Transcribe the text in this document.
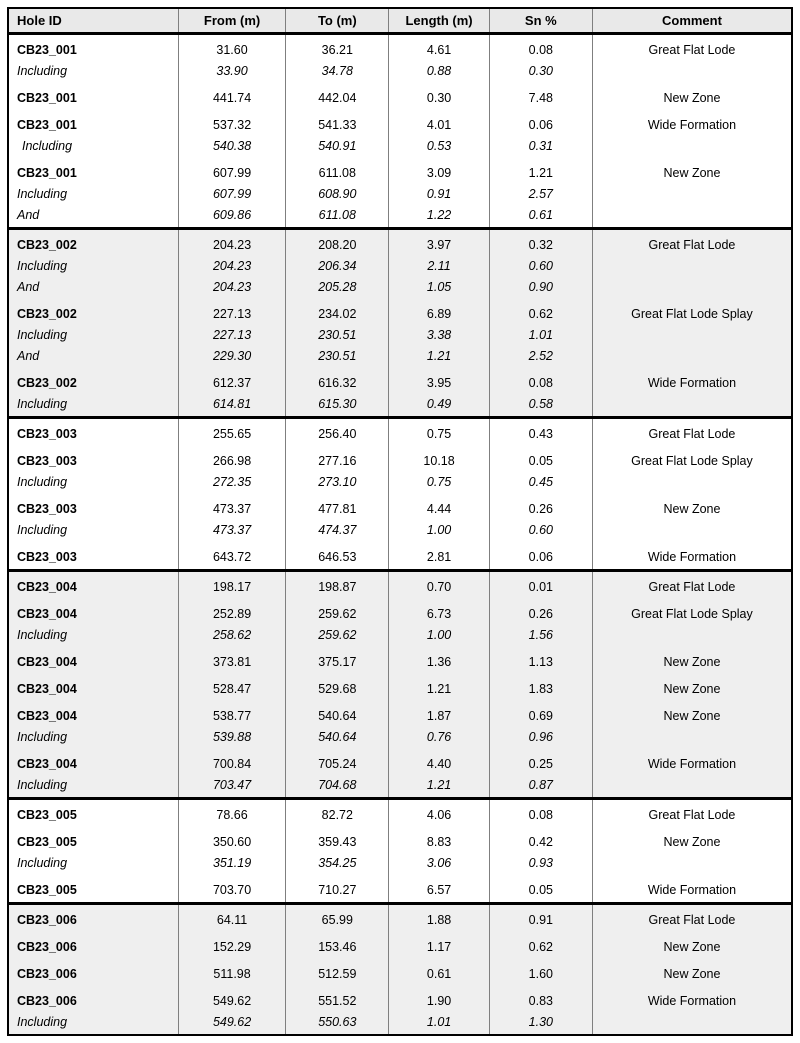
Hole ID	From (m)	To (m)	Length (m)	Sn %	Comment
CB23_001	31.60	36.21	4.61	0.08	Great Flat Lode
Including	33.90	34.78	0.88	0.30	
CB23_001	441.74	442.04	0.30	7.48	New Zone
CB23_001	537.32	541.33	4.01	0.06	Wide Formation
Including	540.38	540.91	0.53	0.31	
CB23_001	607.99	611.08	3.09	1.21	New Zone
Including	607.99	608.90	0.91	2.57	
And	609.86	611.08	1.22	0.61	
CB23_002	204.23	208.20	3.97	0.32	Great Flat Lode
Including	204.23	206.34	2.11	0.60	
And	204.23	205.28	1.05	0.90	
CB23_002	227.13	234.02	6.89	0.62	Great Flat Lode Splay
Including	227.13	230.51	3.38	1.01	
And	229.30	230.51	1.21	2.52	
CB23_002	612.37	616.32	3.95	0.08	Wide Formation
Including	614.81	615.30	0.49	0.58	
CB23_003	255.65	256.40	0.75	0.43	Great Flat Lode
CB23_003	266.98	277.16	10.18	0.05	Great Flat Lode Splay
Including	272.35	273.10	0.75	0.45	
CB23_003	473.37	477.81	4.44	0.26	New Zone
Including	473.37	474.37	1.00	0.60	
CB23_003	643.72	646.53	2.81	0.06	Wide Formation
CB23_004	198.17	198.87	0.70	0.01	Great Flat Lode
CB23_004	252.89	259.62	6.73	0.26	Great Flat Lode Splay
Including	258.62	259.62	1.00	1.56	
CB23_004	373.81	375.17	1.36	1.13	New Zone
CB23_004	528.47	529.68	1.21	1.83	New Zone
CB23_004	538.77	540.64	1.87	0.69	New Zone
Including	539.88	540.64	0.76	0.96	
CB23_004	700.84	705.24	4.40	0.25	Wide Formation
Including	703.47	704.68	1.21	0.87	
CB23_005	78.66	82.72	4.06	0.08	Great Flat Lode
CB23_005	350.60	359.43	8.83	0.42	New Zone
Including	351.19	354.25	3.06	0.93	
CB23_005	703.70	710.27	6.57	0.05	Wide Formation
CB23_006	64.11	65.99	1.88	0.91	Great Flat Lode
CB23_006	152.29	153.46	1.17	0.62	New Zone
CB23_006	511.98	512.59	0.61	1.60	New Zone
CB23_006	549.62	551.52	1.90	0.83	Wide Formation
Including	549.62	550.63	1.01	1.30	
